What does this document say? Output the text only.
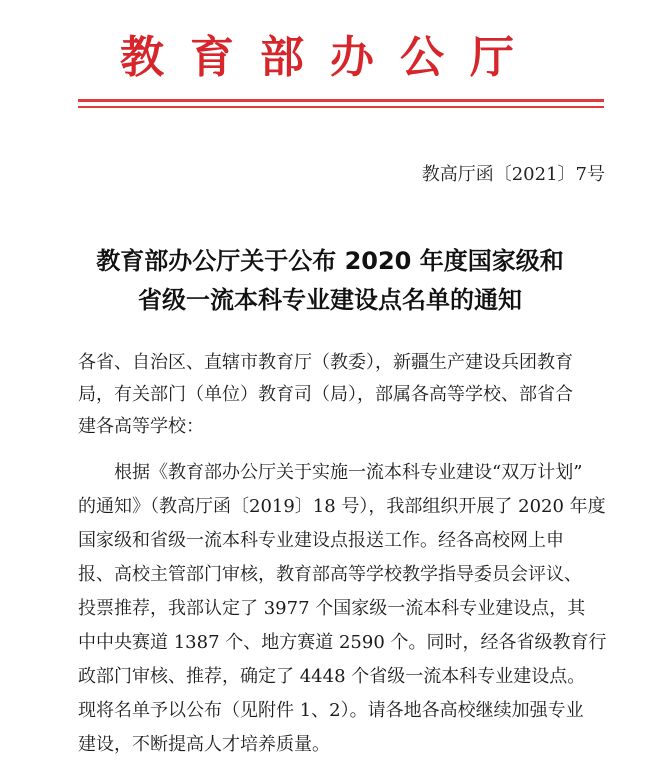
教育部办公厅
教高厅函〔2021〕7号
教育部办公厅关于公布 2020 年度国家级和
省级一流本科专业建设点名单的通知
各省、自治区、直辖市教育厅（教委），新疆生产建设兵团教育
局，有关部门（单位）教育司（局），部属各高等学校、部省合
建各高等学校：
　　根据《教育部办公厅关于实施一流本科专业建设“双万计划”
的通知》（教高厅函〔2019〕18 号），我部组织开展了 2020 年度
国家级和省级一流本科专业建设点报送工作。经各高校网上申
报、高校主管部门审核，教育部高等学校教学指导委员会评议、
投票推荐，我部认定了 3977 个国家级一流本科专业建设点，其
中中央赛道 1387 个、地方赛道 2590 个。同时，经各省级教育行
政部门审核、推荐，确定了 4448 个省级一流本科专业建设点。
现将名单予以公布（见附件 1、2）。请各地各高校继续加强专业
建设，不断提高人才培养质量。
